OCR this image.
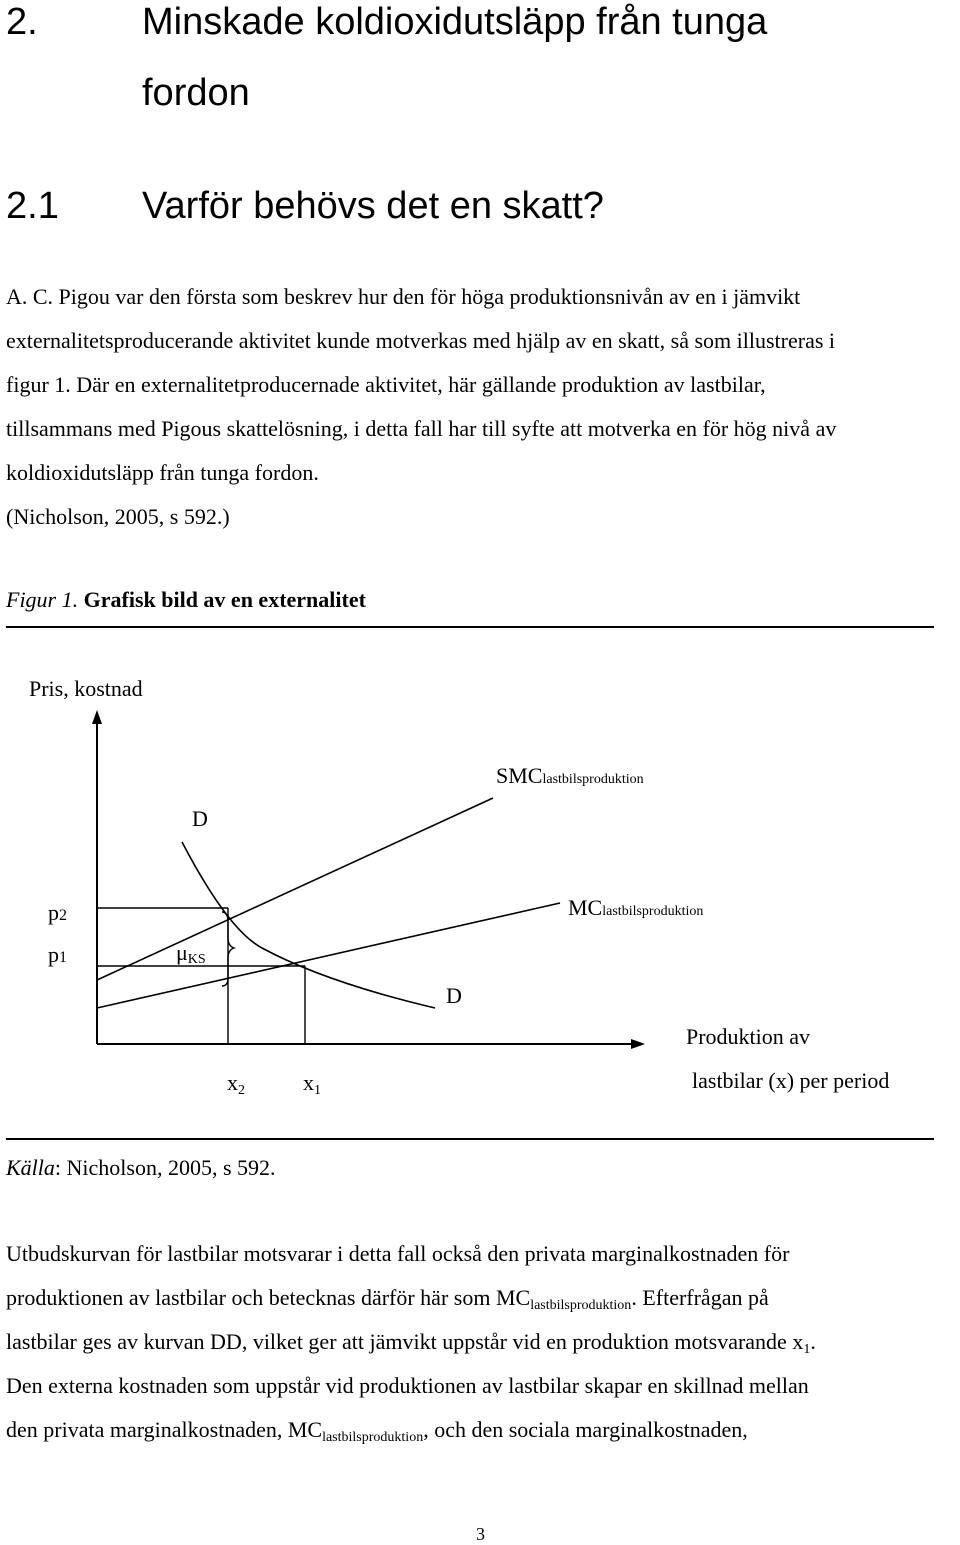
2.	Minskade koldioxidutsläpp från tunga
fordon
2.1 Varför behövs det en skatt?
A. C. Pigou var den första som beskrev hur den för höga produktionsnivån av en i jämvikt
externalitetsproducerande aktivitet kunde motverkas med hjälp av en skatt, så som illustreras i
figur 1. Där en externalitetproducernade aktivitet, här gällande produktion av lastbilar,
tillsammans med Pigous skattelösning, i detta fall har till syfte att motverka en för hög nivå av
koldioxidutsläpp från tunga fordon.
(Nicholson, 2005, s 592.)
Figur 1. Grafisk bild av en externalitet
Pris, kostnad
SMClastbilsproduktion
D
MClastbilsproduktion
p2
p1	μKS
D
Produktion av
x2	x1	lastbilar (x) per period
Källa: Nicholson, 2005, s 592.
Utbudskurvan för lastbilar motsvarar i detta fall också den privata marginalkostnaden för
produktionen av lastbilar och betecknas därför här som $MC_{lastbilsproduktion}$. Efterfrågan på
lastbilar ges av kurvan DD, vilket ger att jämvikt uppstår vid en produktion motsvarande $x_1$.
Den externa kostnaden som uppstår vid produktionen av lastbilar skapar en skillnad mellan
den privata marginalkostnaden, $MC_{lastbilsproduktion}$, och den sociala marginalkostnaden,
3
